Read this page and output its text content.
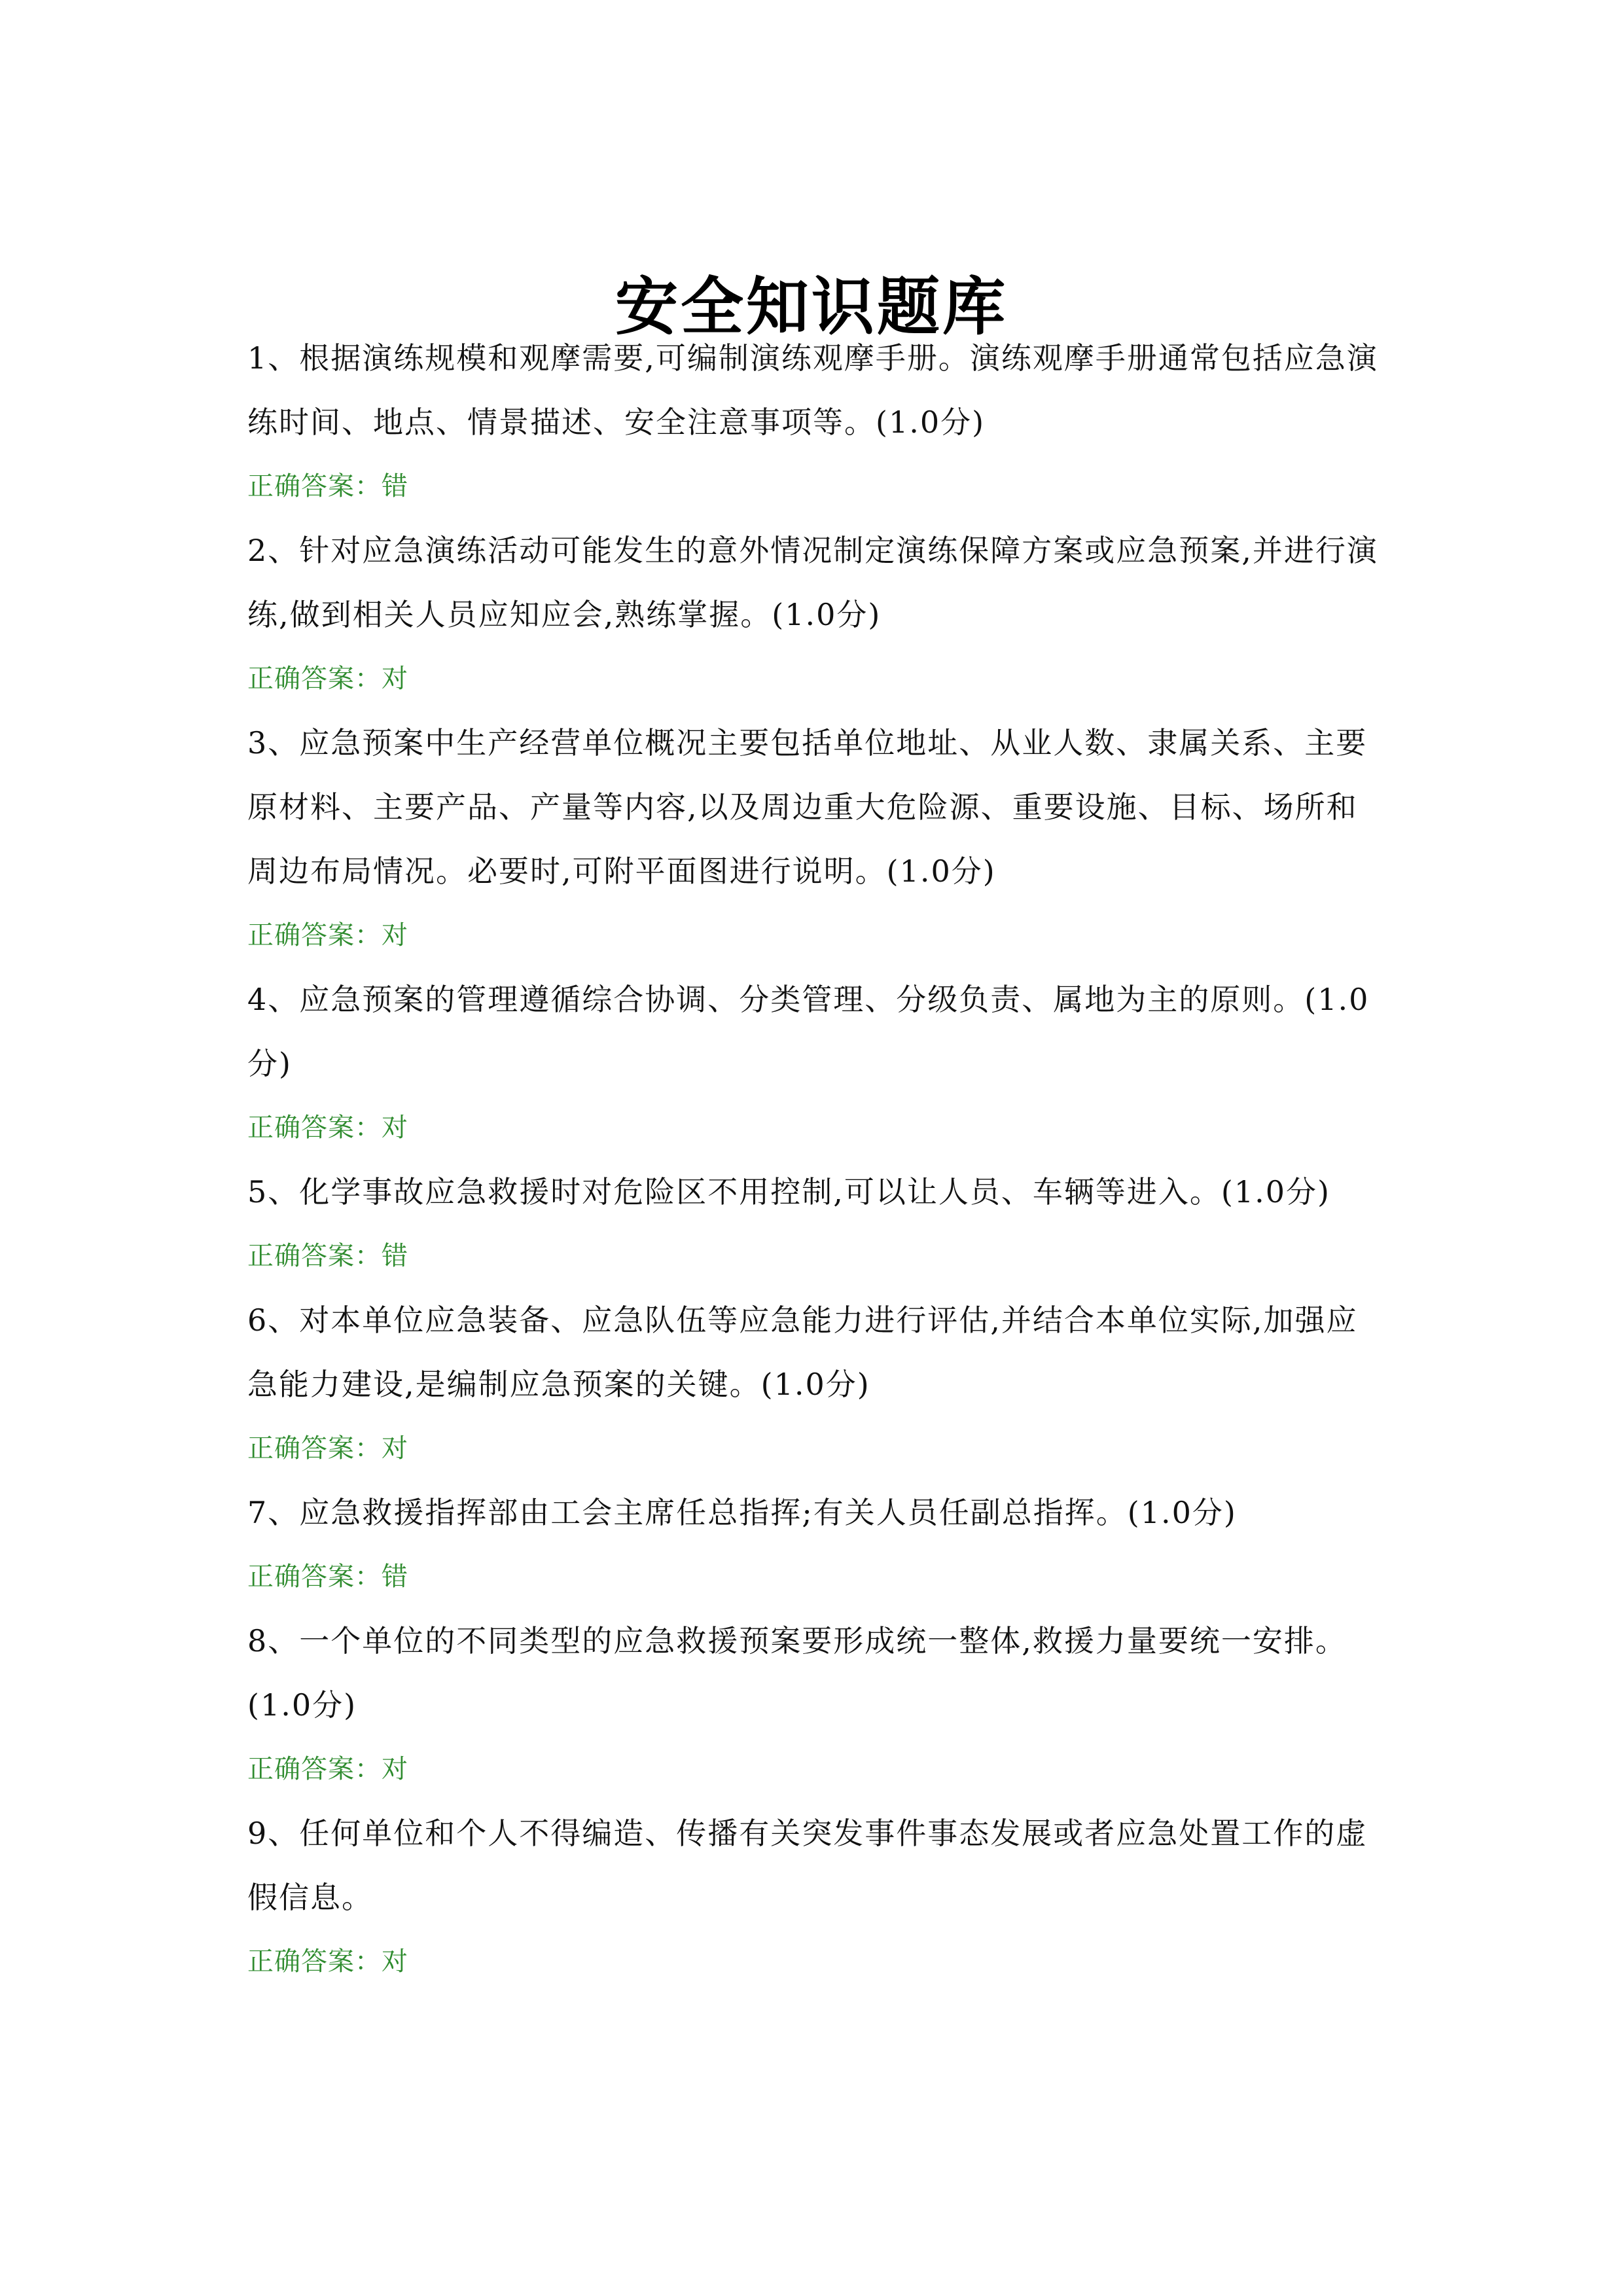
安全知识题库

1、根据演练规模和观摩需要,可编制演练观摩手册。演练观摩手册通常包括应急演练时间、地点、情景描述、安全注意事项等。(1.0分)

正确答案：错

2、针对应急演练活动可能发生的意外情况制定演练保障方案或应急预案,并进行演练,做到相关人员应知应会,熟练掌握。(1.0分)

正确答案：对

3、应急预案中生产经营单位概况主要包括单位地址、从业人数、隶属关系、主要原材料、主要产品、产量等内容,以及周边重大危险源、重要设施、目标、场所和周边布局情况。必要时,可附平面图进行说明。(1.0分)

正确答案：对

4、应急预案的管理遵循综合协调、分类管理、分级负责、属地为主的原则。(1.0分)

正确答案：对

5、化学事故应急救援时对危险区不用控制,可以让人员、车辆等进入。(1.0分)

正确答案：错

6、对本单位应急装备、应急队伍等应急能力进行评估,并结合本单位实际,加强应急能力建设,是编制应急预案的关键。(1.0分)

正确答案：对

7、应急救援指挥部由工会主席任总指挥;有关人员任副总指挥。(1.0分)

正确答案：错

8、一个单位的不同类型的应急救援预案要形成统一整体,救援力量要统一安排。(1.0分)

正确答案：对

9、任何单位和个人不得编造、传播有关突发事件事态发展或者应急处置工作的虚假信息。

正确答案：对
